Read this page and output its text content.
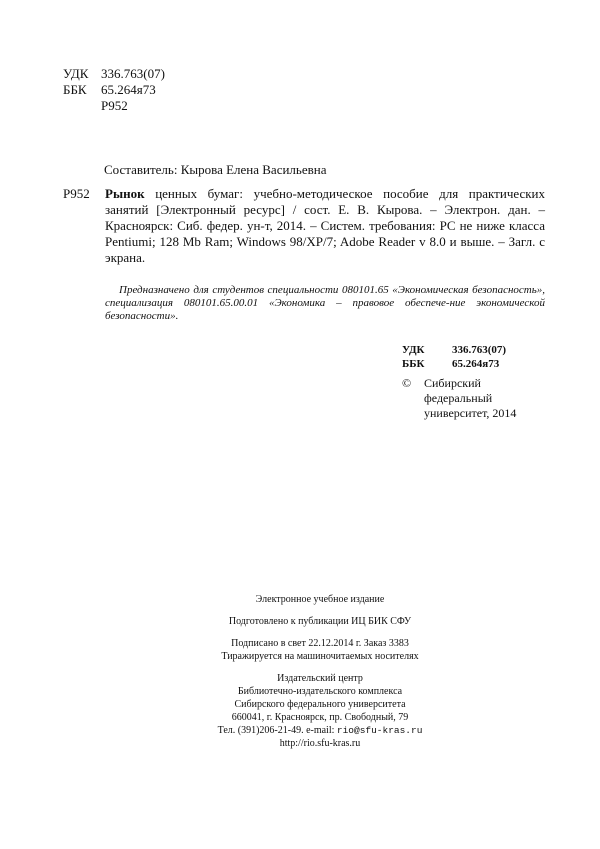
УДК 336.763(07)
ББК	65.264я73
Р952
Составитель: Кырова Елена Васильевна
Р952 Рынок ценных бумаг: учебно-методическое пособие для практических занятий [Электронный ресурс] / сост. Е. В. Кырова. – Электрон. дан. – Красноярск: Сиб. федер. ун-т, 2014. – Систем. требования: PC не ниже класса Pentiumi; 128 Mb Ram; Windows 98/XP/7; Adobe Reader v 8.0 и выше. – Загл. с экрана.
Предназначено для студентов специальности 080101.65 «Экономическая безопасность», специализация 080101.65.00.01 «Экономика – правовое обеспече-ние экономической безопасности».
УДК	336.763(07)
ББК	65.264я73
©	Сибирский
федеральный
университет, 2014
Электронное учебное издание
Подготовлено к публикации ИЦ БИК СФУ
Подписано в свет 22.12.2014 г. Заказ 3383
Тиражируется на машиночитаемых носителях
Издательский центр
Библиотечно-издательского комплекса
Сибирского федерального университета
660041, г. Красноярск, пр. Свободный, 79
Тел. (391)206-21-49. e-mail: rio@sfu-kras.ru
http://rio.sfu-kras.ru
